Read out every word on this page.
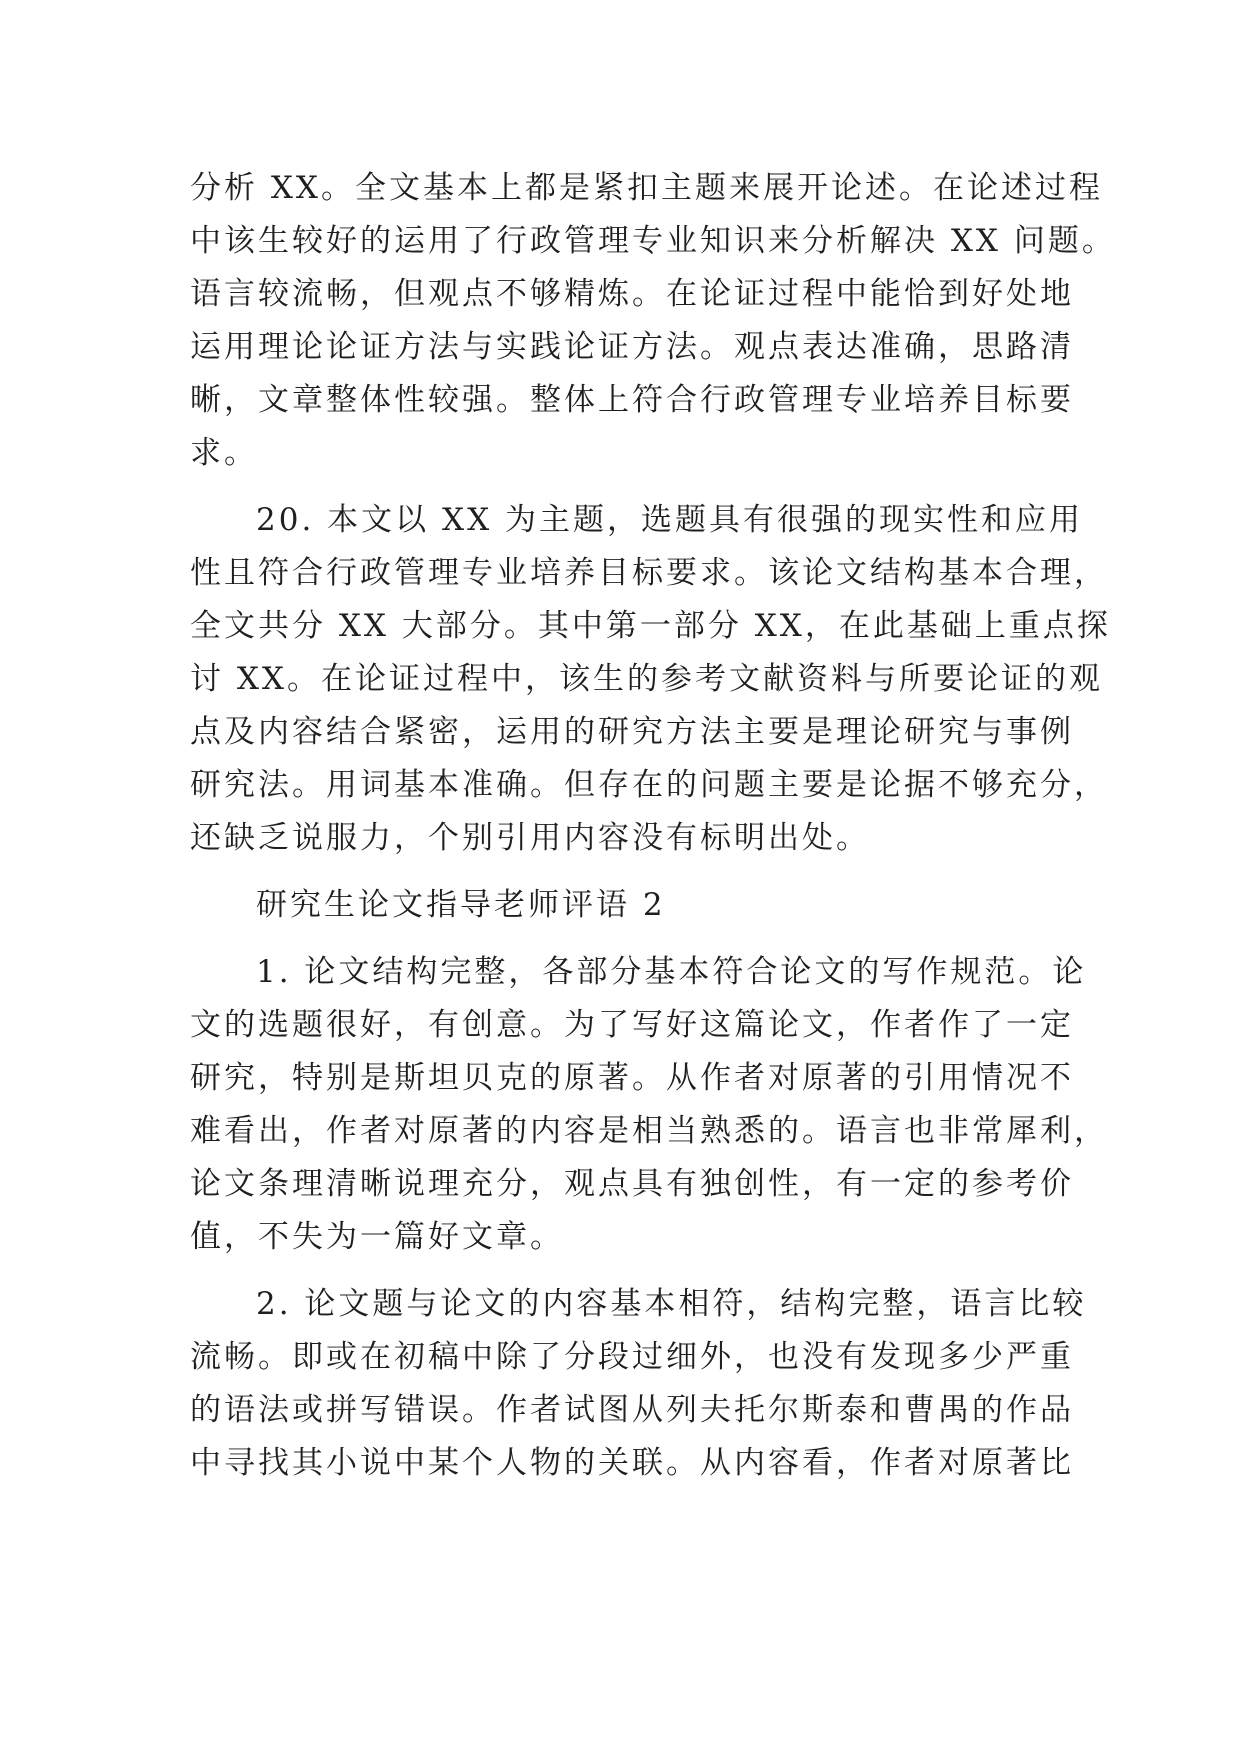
分析 XX。全文基本上都是紧扣主题来展开论述。在论述过程
中该生较好的运用了行政管理专业知识来分析解决 XX 问题。
语言较流畅，但观点不够精炼。在论证过程中能恰到好处地
运用理论论证方法与实践论证方法。观点表达准确，思路清
晰，文章整体性较强。整体上符合行政管理专业培养目标要
求。

20. 本文以 XX 为主题，选题具有很强的现实性和应用
性且符合行政管理专业培养目标要求。该论文结构基本合理，
全文共分 XX 大部分。其中第一部分 XX，在此基础上重点探
讨 XX。在论证过程中，该生的参考文献资料与所要论证的观
点及内容结合紧密，运用的研究方法主要是理论研究与事例
研究法。用词基本准确。但存在的问题主要是论据不够充分，
还缺乏说服力，个别引用内容没有标明出处。

研究生论文指导老师评语 2

1. 论文结构完整，各部分基本符合论文的写作规范。论
文的选题很好，有创意。为了写好这篇论文，作者作了一定
研究，特别是斯坦贝克的原著。从作者对原著的引用情况不
难看出，作者对原著的内容是相当熟悉的。语言也非常犀利，
论文条理清晰说理充分，观点具有独创性，有一定的参考价
值，不失为一篇好文章。

2. 论文题与论文的内容基本相符，结构完整，语言比较
流畅。即或在初稿中除了分段过细外，也没有发现多少严重
的语法或拼写错误。作者试图从列夫托尔斯泰和曹禺的作品
中寻找其小说中某个人物的关联。从内容看，作者对原著比
